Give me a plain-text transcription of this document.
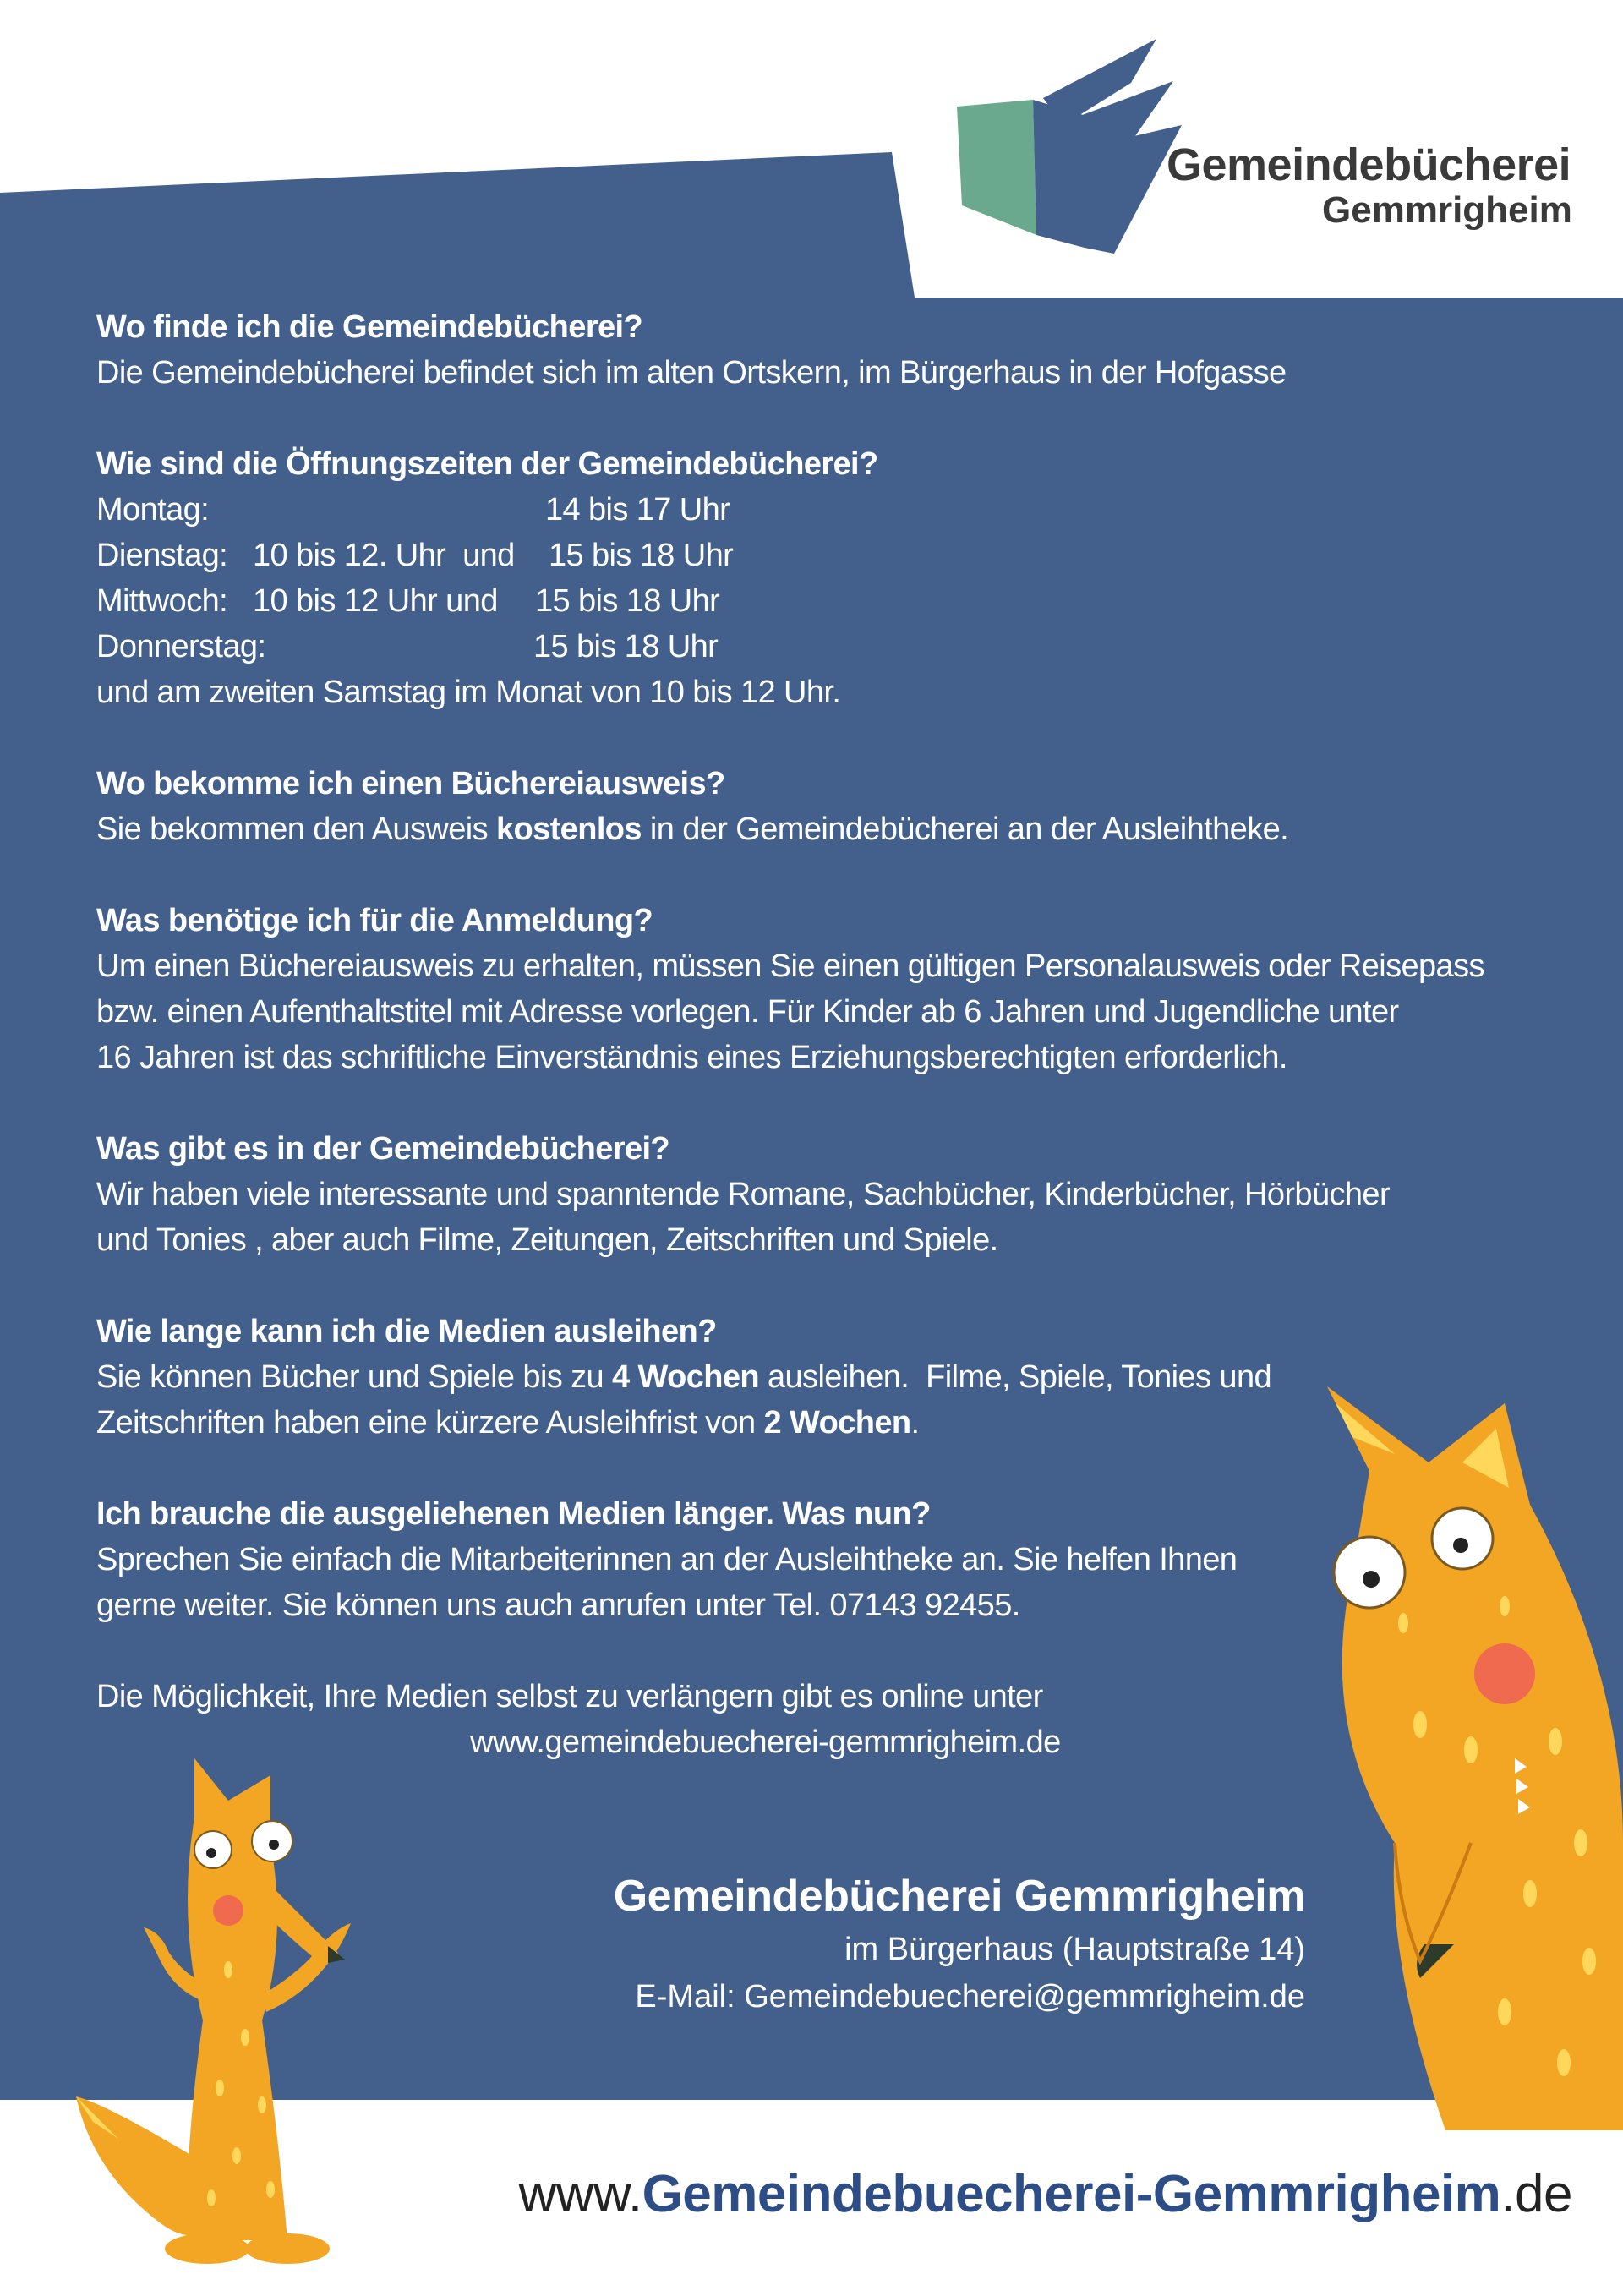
Gemeindebücherei
Gemmrigheim
Wo finde ich die Gemeindebücherei?
Die Gemeindebücherei befindet sich im alten Ortskern, im Bürgerhaus in der Hofgasse
Wie sind die Öffnungszeiten der Gemeindebücherei?
Montag:	14 bis 17 Uhr
Dienstag: 10 bis 12. Uhr  und	15 bis 18 Uhr
Mittwoch: 10 bis 12 Uhr und	15 bis 18 Uhr
Donnerstag:	15 bis 18 Uhr
und am zweiten Samstag im Monat von 10 bis 12 Uhr.
Wo bekomme ich einen Büchereiausweis?
Sie bekommen den Ausweis kostenlos in der Gemeindebücherei an der Ausleihtheke.
Was benötige ich für die Anmeldung?
Um einen Büchereiausweis zu erhalten, müssen Sie einen gültigen Personalausweis oder Reisepass
bzw. einen Aufenthaltstitel mit Adresse vorlegen. Für Kinder ab 6 Jahren und Jugendliche unter
16 Jahren ist das schriftliche Einverständnis eines Erziehungsberechtigten erforderlich.
Was gibt es in der Gemeindebücherei?
Wir haben viele interessante und spanntende Romane, Sachbücher, Kinderbücher, Hörbücher
und Tonies , aber auch Filme, Zeitungen, Zeitschriften und Spiele.
Wie lange kann ich die Medien ausleihen?
Sie können Bücher und Spiele bis zu 4 Wochen ausleihen.  Filme, Spiele, Tonies und
Zeitschriften haben eine kürzere Ausleihfrist von 2 Wochen.
Ich brauche die ausgeliehenen Medien länger. Was nun?
Sprechen Sie einfach die Mitarbeiterinnen an der Ausleihtheke an. Sie helfen Ihnen
gerne weiter. Sie können uns auch anrufen unter Tel. 07143 92455.
Die Möglichkeit, Ihre Medien selbst zu verlängern gibt es online unter
www.gemeindebuecherei-gemmrigheim.de
Gemeindebücherei Gemmrigheim
im Bürgerhaus (Hauptstraße 14)
E-Mail: Gemeindebuecherei@gemmrigheim.de
www.Gemeindebuecherei-Gemmrigheim.de
